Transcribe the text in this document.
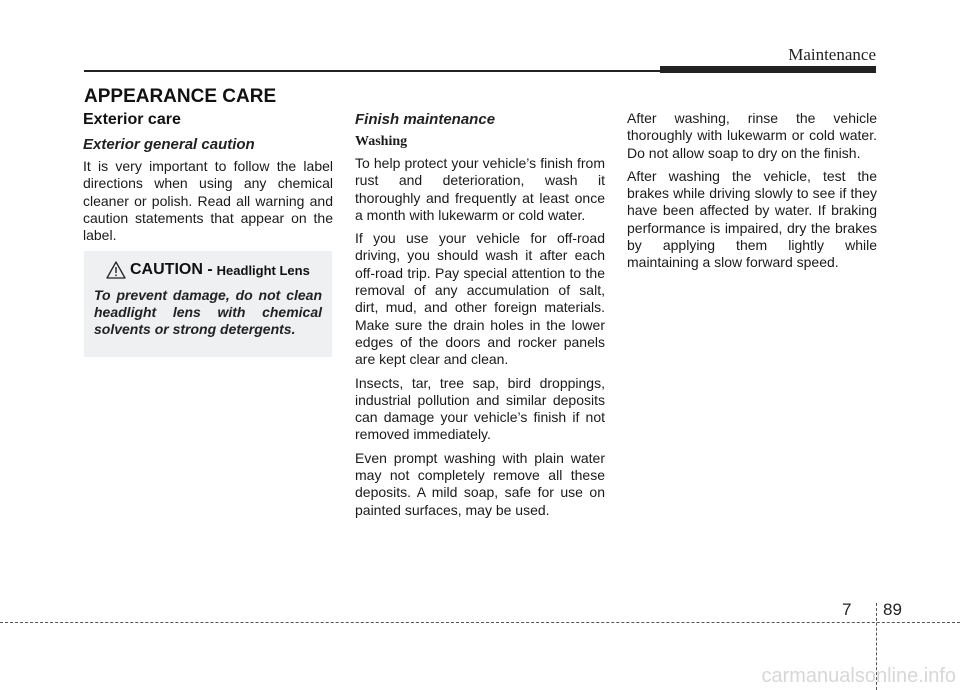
Maintenance
APPEARANCE CARE
Exterior care
Exterior general caution

It is very important to follow the label directions when using any chemical cleaner or polish. Read all warning and caution statements that appear on the label.

CAUTION - Headlight Lens

To prevent damage, do not clean headlight lens with chemical solvents or strong detergents.

Finish maintenance
Washing

To help protect your vehicle’s finish from rust and deterioration, wash it thoroughly and frequently at least once a month with lukewarm or cold water.

If you use your vehicle for off-road driving, you should wash it after each off-road trip. Pay special attention to the removal of any accumulation of salt, dirt, mud, and other foreign materials. Make sure the drain holes in the lower edges of the doors and rocker panels are kept clear and clean.

Insects, tar, tree sap, bird droppings, industrial pollution and similar deposits can damage your vehicle’s finish if not removed immediately.

Even prompt washing with plain water may not completely remove all these deposits. A mild soap, safe for use on painted surfaces, may be used.

After washing, rinse the vehicle thoroughly with lukewarm or cold water. Do not allow soap to dry on the finish.

After washing the vehicle, test the brakes while driving slowly to see if they have been affected by water. If braking performance is impaired, dry the brakes by applying them lightly while maintaining a slow forward speed.

7 89
carmanualsonline.info
